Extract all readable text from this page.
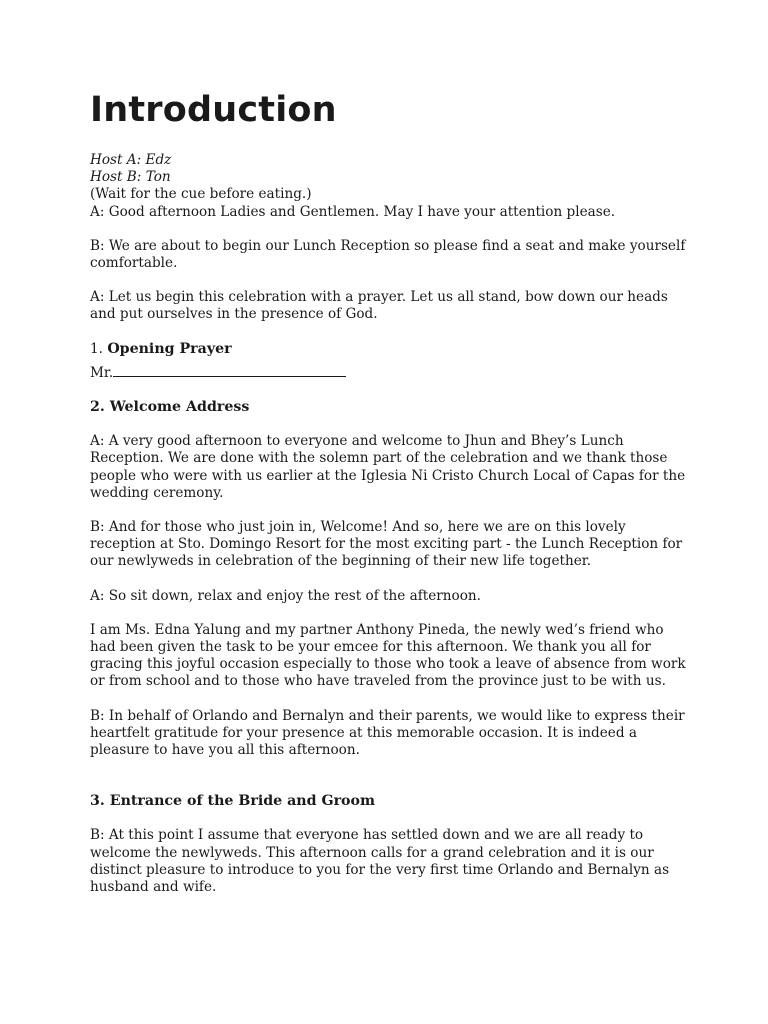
Introduction

Host A: Edz

Host B: Ton

(Wait for the cue before eating.)

A: Good afternoon Ladies and Gentlemen. May I have your attention please.

B: We are about to begin our Lunch Reception so please find a seat and make yourself comfortable.

A: Let us begin this celebration with a prayer. Let us all stand, bow down our heads and put ourselves in the presence of God.

1. Opening Prayer

Mr.

2. Welcome Address

A: A very good afternoon to everyone and welcome to Jhun and Bhey’s Lunch Reception. We are done with the solemn part of the celebration and we thank those people who were with us earlier at the Iglesia Ni Cristo Church Local of Capas for the wedding ceremony.

B: And for those who just join in, Welcome! And so, here we are on this lovely reception at Sto. Domingo Resort for the most exciting part - the Lunch Reception for our newlyweds in celebration of the beginning of their new life together.

A: So sit down, relax and enjoy the rest of the afternoon.

I am Ms. Edna Yalung and my partner Anthony Pineda, the newly wed’s friend who had been given the task to be your emcee for this afternoon. We thank you all for gracing this joyful occasion especially to those who took a leave of absence from work or from school and to those who have traveled from the province just to be with us.

B: In behalf of Orlando and Bernalyn and their parents, we would like to express their heartfelt gratitude for your presence at this memorable occasion. It is indeed a pleasure to have you all this afternoon.

3. Entrance of the Bride and Groom

B: At this point I assume that everyone has settled down and we are all ready to welcome the newlyweds. This afternoon calls for a grand celebration and it is our distinct pleasure to introduce to you for the very first time Orlando and Bernalyn as husband and wife.
